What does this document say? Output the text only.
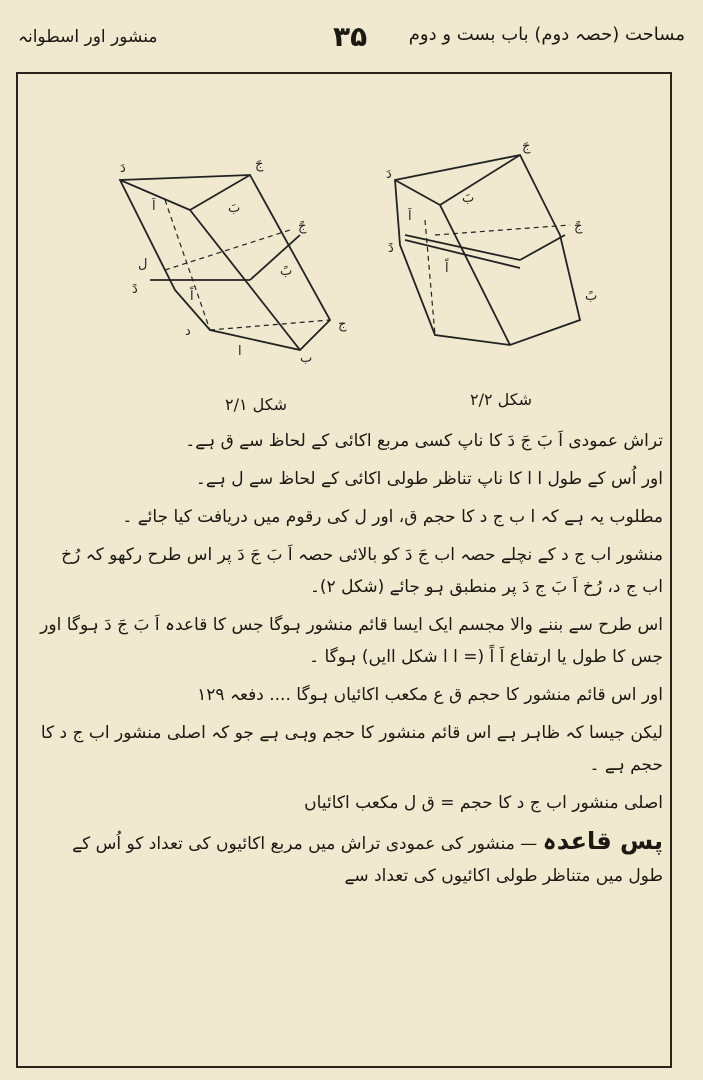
مساحت (حصہ دوم) باب بست و دوم
۳۵
منشور اور اسطوانہ
دَ	جَ
بَ
اَ
ل
دً
جً
بً
اً
د	ج
ب
ا
دَ
جَ
بَ
اَ
جً
بً
اً
دً
شکل ۲/۱	شکل ۲/۲

تراش عمودی اَ بَ جَ دَ کا ناپ کسی مربع اکائی کے لحاظ سے ق ہے۔

اور اُس کے طول ا ا کا ناپ تناظر طولی اکائی کے لحاظ سے ل ہے۔

مطلوب یہ ہے کہ ا ب ج د کا حجم ق، اور ل کی رقوم میں دریافت کیا جائے ۔

منشور اب ج د کے نچلے حصہ اب جَ دَ کو بالائی حصہ اَ بَ جَ دَ پر اس طرح رکھو کہ رُخ اب ج د، رُخ اَ بَ ج دَ پر منطبق ہو جائے (شکل ۲)۔

اس طرح سے بننے والا مجسم ایک ایسا قائم منشور ہوگا جس کا قاعدہ اَ بَ جَ دَ ہوگا اور جس کا طول یا ارتفاع اَ اً (= ا ا شکل اایں) ہوگا ۔

اور اس قائم منشور کا حجم ق ع مکعب اکائیاں ہوگا .... دفعہ ۱۲۹

لیکن جیسا کہ ظاہر ہے اس قائم منشور کا حجم وہی ہے جو کہ اصلی منشور اب ج د کا حجم ہے ۔

اصلی منشور اب ج د کا حجم = ق ل مکعب اکائیاں

پس قاعدہ — منشور کی عمودی تراش میں مربع اکائیوں کی تعداد کو اُس کے طول میں متناظر طولی اکائیوں کی تعداد سے
